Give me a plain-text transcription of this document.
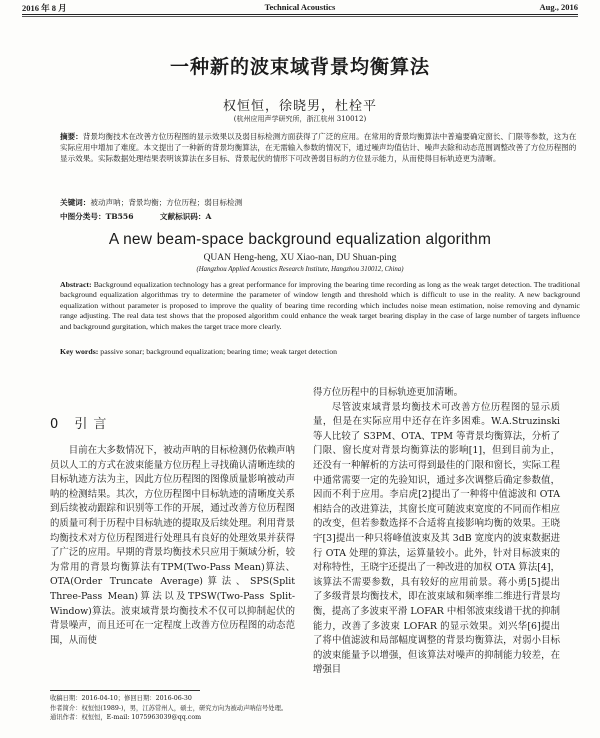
2016 年 8 月	Technical Acoustics	Aug., 2016
一种新的波束域背景均衡算法
权恒恒，徐晓男，杜栓平
(杭州应用声学研究所，浙江杭州 310012)
摘要：背景均衡技术在改善方位历程图的显示效果以及弱目标检测方面获得了广泛的应用。在常用的背景均衡算法中普遍要确定窗长、门限等参数，这为在实际应用中增加了难度。本文提出了一种新的背景均衡算法，在无需输入参数的情况下，通过噪声均值估计、噪声去除和动态范围调整改善了方位历程图的显示效果。实际数据处理结果表明该算法在多目标、背景起伏的情形下可改善弱目标的方位显示能力，从而使得目标轨迹更为清晰。
关键词：被动声呐；背景均衡；方位历程；弱目标检测
中图分类号：TB556	文献标识码：A
A new beam-space background equalization algorithm
QUAN Heng-heng, XU Xiao-nan, DU Shuan-ping
(Hangzhou Applied Acoustics Research Institute, Hangzhou 310012, China)
Abstract: Background equalization technology has a great performance for improving the bearing time recording as long as the weak target detection. The traditional background equalization algorithmas try to determine the parameter of window length and threshold which is difficult to use in the reality. A new background equalization without parameter is proposed to improve the quality of bearing time recording which includes noise mean estimation, noise removing and dynamic range adjusting. The real data test shows that the proposed algorithm could enhance the weak target bearing display in the case of large number of targets influence and background gurgitation, which makes the target trace more clearly.
Key words: passive sonar; background equalization; bearing time; weak target detection
0 引言

目前在大多数情况下，被动声呐的目标检测仍依赖声呐员以人工的方式在波束能量方位历程上寻找确认清晰连续的目标轨迹方法为主，因此方位历程图的图像质量影响被动声呐的检测结果。其次，方位历程图中目标轨迹的清晰度关系到后续被动跟踪和识别等工作的开展，通过改善方位历程图的质量可利于历程中目标轨迹的提取及后续处理。利用背景均衡技术对方位历程图进行处理具有良好的处理效果并获得了广泛的应用。早期的背景均衡技术只应用于频域分析，较为常用的背景均衡算法有TPM(Two-Pass Mean)算法、OTA(Order Truncate Average)算法、SPS(Split Three-Pass Mean)算法以及TPSW(Two-Pass Split-Window)算法。波束域背景均衡技术不仅可以抑制起伏的背景噪声，而且还可在一定程度上改善方位历程图的动态范围，从而使

得方位历程中的目标轨迹更加清晰。

尽管波束域背景均衡技术可改善方位历程图的显示质量，但是在实际应用中还存在许多困难。W.A.Struzinski 等人比较了 S3PM、OTA、TPM 等背景均衡算法，分析了门限、窗长度对背景均衡算法的影响[1]，但到目前为止，还没有一种解析的方法可得到最佳的门限和窗长，实际工程中通常需要一定的先验知识，通过多次调整后确定参数值，因而不利于应用。李启虎[2]提出了一种将中值滤波和 OTA 相结合的改进算法，其窗长度可随波束宽度的不同而作相应的改变，但若参数选择不合适将直接影响均衡的效果。王晓宇[3]提出一种只将峰值波束及其 3dB 宽度内的波束数据进行 OTA 处理的算法，运算量较小。此外，针对目标波束的对称特性，王晓宇还提出了一种改进的加权 OTA 算法[4]，该算法不需要参数，具有较好的应用前景。蒋小勇[5]提出了多级背景均衡技术，即在波束域和频率维二维进行背景均衡，提高了多波束平滑 LOFAR 中相邻波束线谱干扰的抑制能力，改善了多波束 LOFAR 的显示效果。刘兴华[6]提出了将中值滤波和局部幅度调整的背景均衡算法，对弱小目标的波束能量予以增强，但该算法对噪声的抑制能力较差，在增强目

收稿日期：2016-04-10；修回日期：2016-06-30

作者简介：权恒恒(1989-)，男，江苏常州人，硕士，研究方向为被动声呐信号处理。

通讯作者：权恒恒，E-mail: 1075963039@qq.com
